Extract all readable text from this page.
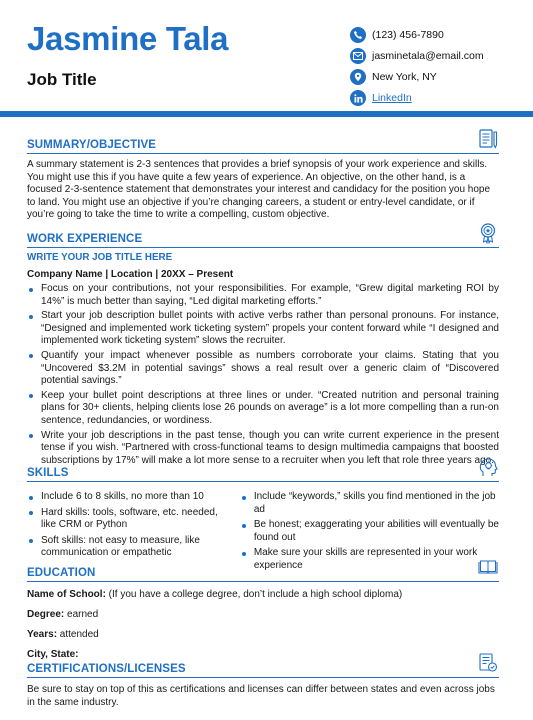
Jasmine Tala
Job Title
(123) 456-7890
jasminetala@email.com
New York, NY
LinkedIn
SUMMARY/OBJECTIVE

A summary statement is 2-3 sentences that provides a brief synopsis of your work experience and skills. You might use this if you have quite a few years of experience. An objective, on the other hand, is a focused 2-3-sentence statement that demonstrates your interest and candidacy for the position you hope to land. You might use an objective if you’re changing careers, a student or entry-level candidate, or if you’re going to take the time to write a compelling, custom objective.

WORK EXPERIENCE
WRITE YOUR JOB TITLE HERE
Company Name | Location | 20XX – Present
Focus on your contributions, not your responsibilities. For example, “Grew digital marketing ROI by 14%” is much better than saying, “Led digital marketing efforts.”
Start your job description bullet points with active verbs rather than personal pronouns. For instance, “Designed and implemented work ticketing system” propels your content forward while “I designed and implemented work ticketing system” slows the recruiter.
Quantify your impact whenever possible as numbers corroborate your claims. Stating that you “Uncovered $3.2M in potential savings” shows a real result over a generic claim of “Discovered potential savings.”
Keep your bullet point descriptions at three lines or under. “Created nutrition and personal training plans for 30+ clients, helping clients lose 26 pounds on average” is a lot more compelling than a run-on sentence, redundancies, or wordiness.
Write your job descriptions in the past tense, though you can write current experience in the present tense if you wish. “Partnered with cross-functional teams to design multimedia campaigns that boosted subscriptions by 17%” will make a lot more sense to a recruiter when you left that role three years ago.
SKILLS
Include 6 to 8 skills, no more than 10
Hard skills: tools, software, etc. needed, like CRM or Python
Soft skills: not easy to measure, like communication or empathetic
Include “keywords,” skills you find mentioned in the job ad
Be honest; exaggerating your abilities will eventually be found out
Make sure your skills are represented in your work experience
EDUCATION
Name of School: (If you have a college degree, don’t include a high school diploma)
Degree: earned
Years: attended
City, State:
CERTIFICATIONS/LICENSES

Be sure to stay on top of this as certifications and licenses can differ between states and even across jobs in the same industry.
